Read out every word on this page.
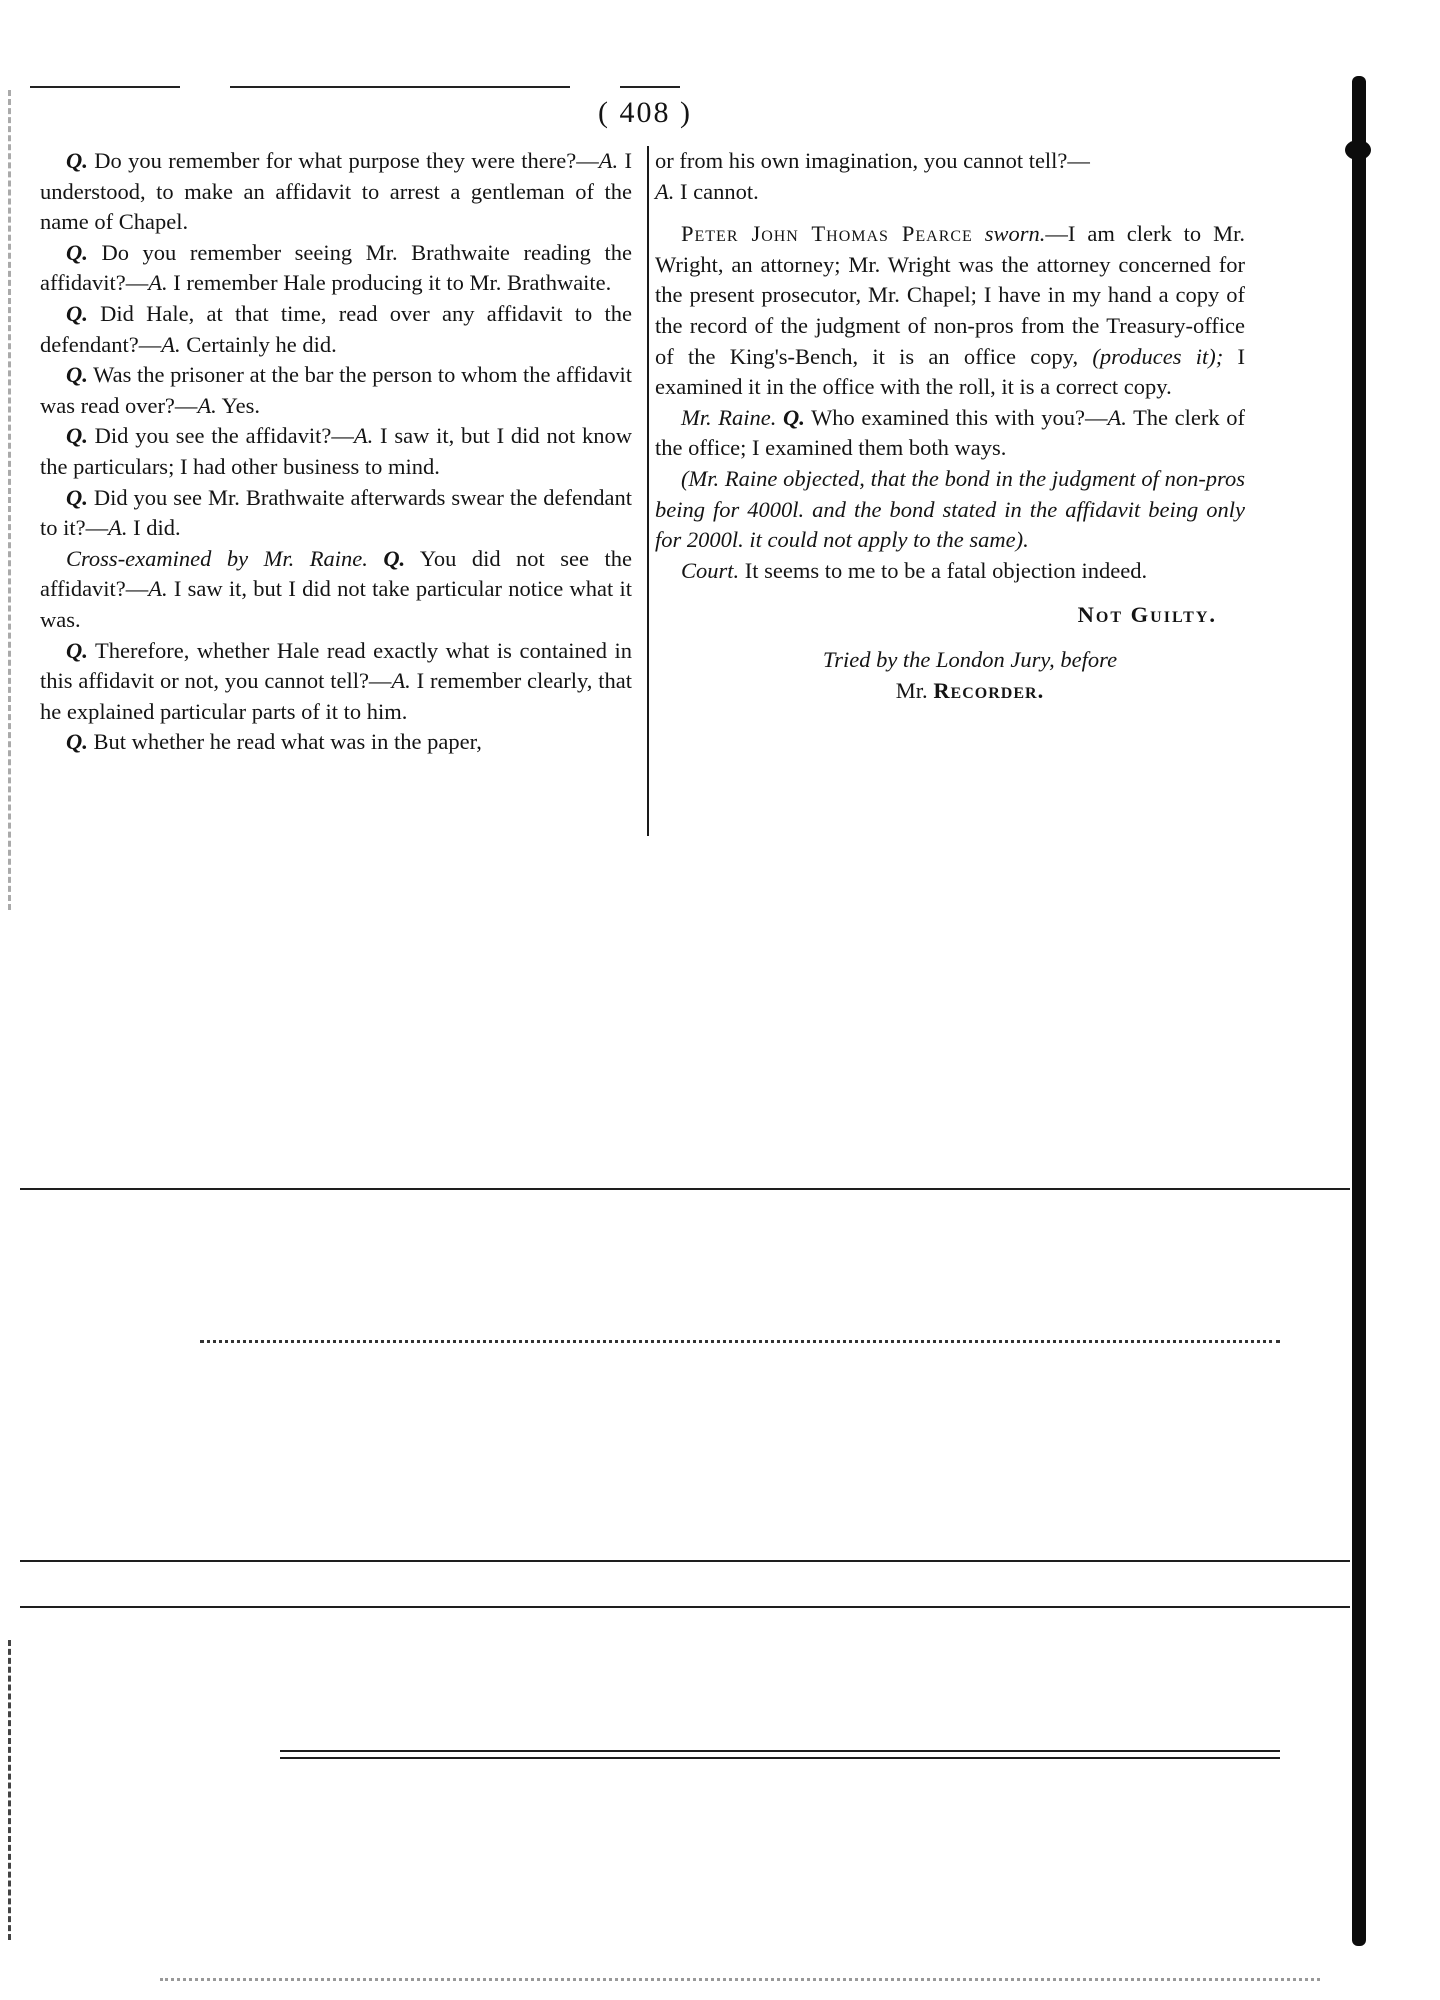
( 408 )

Q. Do you remember for what purpose they were there?—A. I understood, to make an affidavit to arrest a gentleman of the name of Chapel.

Q. Do you remember seeing Mr. Brathwaite reading the affidavit?—A. I remember Hale producing it to Mr. Brathwaite.

Q. Did Hale, at that time, read over any affidavit to the defendant?—A. Certainly he did.

Q. Was the prisoner at the bar the person to whom the affidavit was read over?—A. Yes.

Q. Did you see the affidavit?—A. I saw it, but I did not know the particulars; I had other business to mind.

Q. Did you see Mr. Brathwaite afterwards swear the defendant to it?—A. I did.

Cross-examined by Mr. Raine. Q. You did not see the affidavit?—A. I saw it, but I did not take particular notice what it was.

Q. Therefore, whether Hale read exactly what is contained in this affidavit or not, you cannot tell?—A. I remember clearly, that he explained particular parts of it to him.

Q. But whether he read what was in the paper,

or from his own imagination, you cannot tell?—
A. I cannot.

Peter John Thomas Pearce sworn.—I am clerk to Mr. Wright, an attorney; Mr. Wright was the attorney concerned for the present prosecutor, Mr. Chapel; I have in my hand a copy of the record of the judgment of non-pros from the Treasury-office of the King's-Bench, it is an office copy, (produces it); I examined it in the office with the roll, it is a correct copy.

Mr. Raine. Q. Who examined this with you?—A. The clerk of the office; I examined them both ways.

(Mr. Raine objected, that the bond in the judgment of non-pros being for 4000l. and the bond stated in the affidavit being only for 2000l. it could not apply to the same).

Court. It seems to me to be a fatal objection indeed.

Not Guilty.
Tried by the London Jury, before
Mr. Recorder.
